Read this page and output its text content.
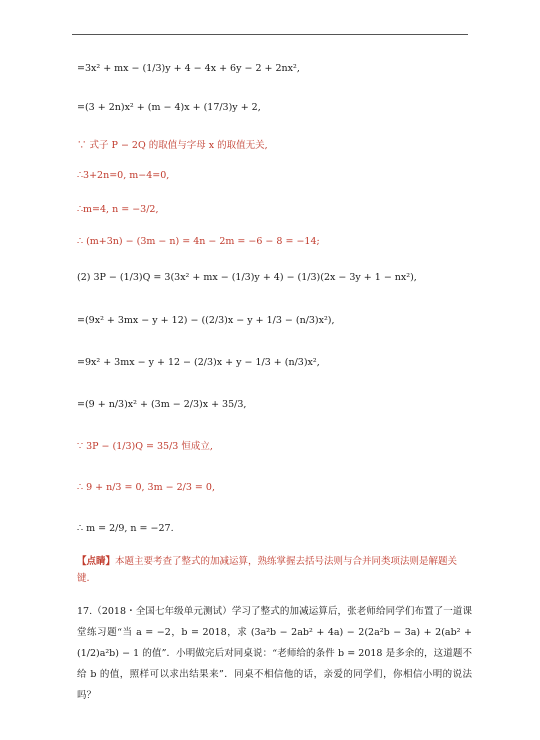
=3x² + mx − (1/3)y + 4 − 4x + 6y − 2 + 2nx²,
=(3 + 2n)x² + (m − 4)x + (17/3)y + 2,
∵ 式子 P − 2Q 的取值与字母 x 的取值无关,
∴3+2n=0, m−4=0,
∴m=4, n = −3/2,
∴ (m+3n) − (3m − n) = 4n − 2m = −6 − 8 = −14;
(2) 3P − (1/3)Q = 3(3x² + mx − (1/3)y + 4) − (1/3)(2x − 3y + 1 − nx²),
=(9x² + 3mx − y + 12) − ((2/3)x − y + 1/3 − (n/3)x²),
=9x² + 3mx − y + 12 − (2/3)x + y − 1/3 + (n/3)x²,
=(9 + n/3)x² + (3m − 2/3)x + 35/3,
∵ 3P − (1/3)Q = 35/3 恒成立,
∴ 9 + n/3 = 0, 3m − 2/3 = 0,
∴ m = 2/9, n = −27.
【点睛】本题主要考查了整式的加减运算，熟练掌握去括号法则与合并同类项法则是解题关键.
17.（2018・全国七年级单元测试）学习了整式的加减运算后，张老师给同学们布置了一道课堂练习题“当 a = −2，b = 2018，求 (3a²b − 2ab² + 4a) − 2(2a²b − 3a) + 2(ab² + (1/2)a²b) − 1 的值”．小明做完后对同桌说：“老师给的条件 b = 2018 是多余的，这道题不给 b 的值，照样可以求出结果来”．同桌不相信他的话，亲爱的同学们，你相信小明的说法吗？
